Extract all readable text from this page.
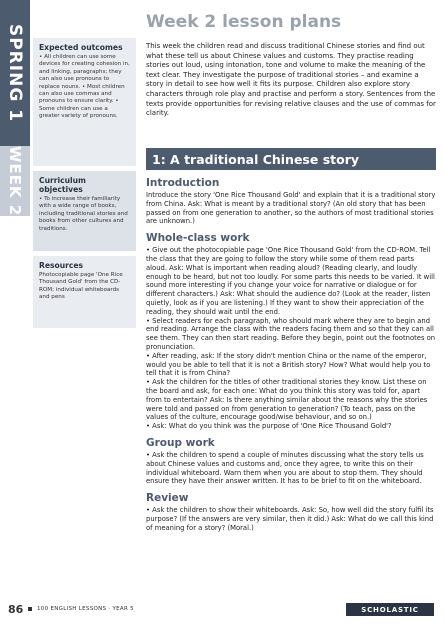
SPRING 1
WEEK 2
Week 2 lesson plans

This week the children read and discuss traditional Chinese stories and find out what these tell us about Chinese values and customs. They practise reading stories out loud, using intonation, tone and volume to make the meaning of the text clear. They investigate the purpose of traditional stories – and examine a story in detail to see how well it fits its purpose. Children also explore story characters through role play and practise and perform a story. Sentences from the texts provide opportunities for revising relative clauses and the use of commas for clarity.

Expected outcomes

• All children can use some devices for creating cohesion in, and linking, paragraphs; they can also use pronouns to replace nouns. • Most children can also use commas and pronouns to ensure clarity. • Some children can use a greater variety of pronouns.

Curriculum objectives

• To increase their familiarity with a wide range of books, including traditional stories and books from other cultures and traditions.

Resources

Photocopiable page 'One Rice Thousand Gold' from the CD-ROM; individual whiteboards and pens

1: A traditional Chinese story
Introduction

Introduce the story 'One Rice Thousand Gold' and explain that it is a traditional story from China. Ask: What is meant by a traditional story? (An old story that has been passed on from one generation to another, so the authors of most traditional stories are unknown.)

Whole-class work

• Give out the photocopiable page 'One Rice Thousand Gold' from the CD-ROM. Tell the class that they are going to follow the story while some of them read parts aloud. Ask: What is important when reading aloud? (Reading clearly, and loudly enough to be heard, but not too loudly. For some parts this needs to be varied. It will sound more interesting if you change your voice for narrative or dialogue or for different characters.) Ask: What should the audience do? (Look at the reader, listen quietly, look as if you are listening.) If they want to show their appreciation of the reading, they should wait until the end.

• Select readers for each paragraph, who should mark where they are to begin and end reading. Arrange the class with the readers facing them and so that they can all see them. They can then start reading. Before they begin, point out the footnotes on pronunciation.

• After reading, ask: If the story didn't mention China or the name of the emperor, would you be able to tell that it is not a British story? How? What would help you to tell that it is from China?

• Ask the children for the titles of other traditional stories they know. List these on the board and ask, for each one: What do you think this story was told for, apart from to entertain? Ask: Is there anything similar about the reasons why the stories were told and passed on from generation to generation? (To teach, pass on the values of the culture, encourage good/wise behaviour, and so on.)

• Ask: What do you think was the purpose of 'One Rice Thousand Gold'?

Group work

• Ask the children to spend a couple of minutes discussing what the story tells us about Chinese values and customs and, once they agree, to write this on their individual whiteboard. Warn them when you are about to stop them. They should ensure they have their answer written. It has to be brief to fit on the whiteboard.

Review

• Ask the children to show their whiteboards. Ask: So, how well did the story fulfil its purpose? (If the answers are very similar, then it did.) Ask: What do we call this kind of meaning for a story? (Moral.)

86 100 ENGLISH LESSONS · YEAR 5	SCHOLASTIC
